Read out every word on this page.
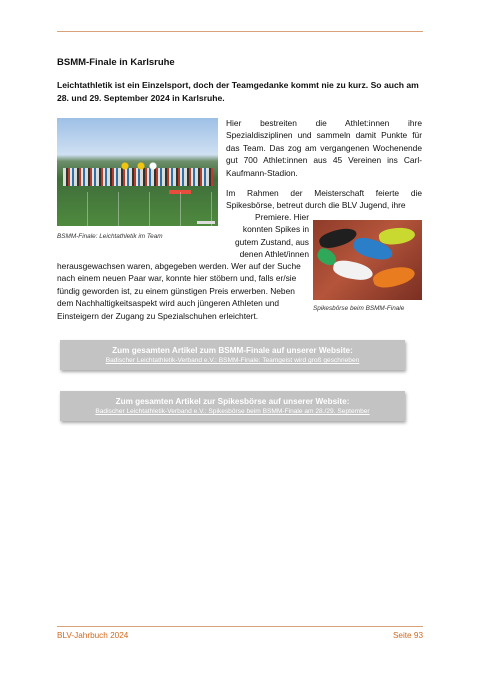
BSMM-Finale in Karlsruhe
Leichtathletik ist ein Einzelsport, doch der Teamgedanke kommt nie zu kurz. So auch am 28. und 29. September 2024 in Karlsruhe.
BSMM-Finale: Leichtathletik im Team
Hier bestreiten die Athlet:innen ihre Spezialdisziplinen und sammeln damit Punkte für das Team. Das zog am vergangenen Wochenende gut 700 Athlet:innen aus 45 Vereinen ins Carl-Kaufmann-Stadion.
Im Rahmen der Meisterschaft feierte die Spikesbörse, betreut durch die BLV Jugend, ihre
Premiere. Hier konnten Spikes in gutem Zustand, aus denen Athlet/innen
herausgewachsen waren, abgegeben werden. Wer auf der Suche nach einem neuen Paar war, konnte hier stöbern und, falls er/sie fündig geworden ist, zu einem günstigen Preis erwerben. Neben dem Nachhaltigkeitsaspekt wird auch jüngeren Athleten und Einsteigern der Zugang zu Spezialschuhen erleichtert.
Spikesbörse beim BSMM-Finale
Zum gesamten Artikel zum BSMM-Finale auf unserer Website:
Badischer Leichtathletik-Verband e.V.: BSMM-Finale: Teamgeist wird groß geschrieben
Zum gesamten Artikel zur Spikesbörse auf unserer Website:
Badischer Leichtathletik-Verband e.V.: Spikesbörse beim BSMM-Finale am 28./29. September
BLV-Jahrbuch 2024	Seite 93
